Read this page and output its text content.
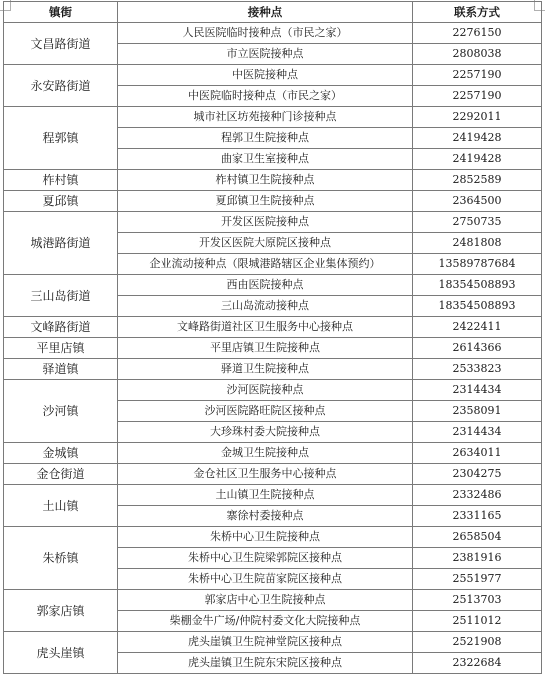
镇街	接种点	联系方式
文昌路街道	人民医院临时接种点（市民之家）	2276150
	市立医院接种点	2808038
永安路街道	中医院接种点	2257190
	中医院临时接种点（市民之家）	2257190
程郭镇	城市社区坊苑接种门诊接种点	2292011
	程郭卫生院接种点	2419428
	曲家卫生室接种点	2419428
柞村镇	柞村镇卫生院接种点	2852589
夏邱镇	夏邱镇卫生院接种点	2364500
城港路街道	开发区医院接种点	2750735
	开发区医院大原院区接种点	2481808
	企业流动接种点（限城港路辖区企业集体预约）	13589787684
三山岛街道	西由医院接种点	18354508893
	三山岛流动接种点	18354508893
文峰路街道	文峰路街道社区卫生服务中心接种点	2422411
平里店镇	平里店镇卫生院接种点	2614366
驿道镇	驿道卫生院接种点	2533823
沙河镇	沙河医院接种点	2314434
	沙河医院路旺院区接种点	2358091
	大珍珠村委大院接种点	2314434
金城镇	金城卫生院接种点	2634011
金仓街道	金仓社区卫生服务中心接种点	2304275
土山镇	土山镇卫生院接种点	2332486
	寨徐村委接种点	2331165
朱桥镇	朱桥中心卫生院接种点	2658504
	朱桥中心卫生院梁郭院区接种点	2381916
	朱桥中心卫生院苗家院区接种点	2551977
郭家店镇	郭家店中心卫生院接种点	2513703
	柴棚金牛广场/仲院村委文化大院接种点	2511012
虎头崖镇	虎头崖镇卫生院神堂院区接种点	2521908
	虎头崖镇卫生院东宋院区接种点	2322684
